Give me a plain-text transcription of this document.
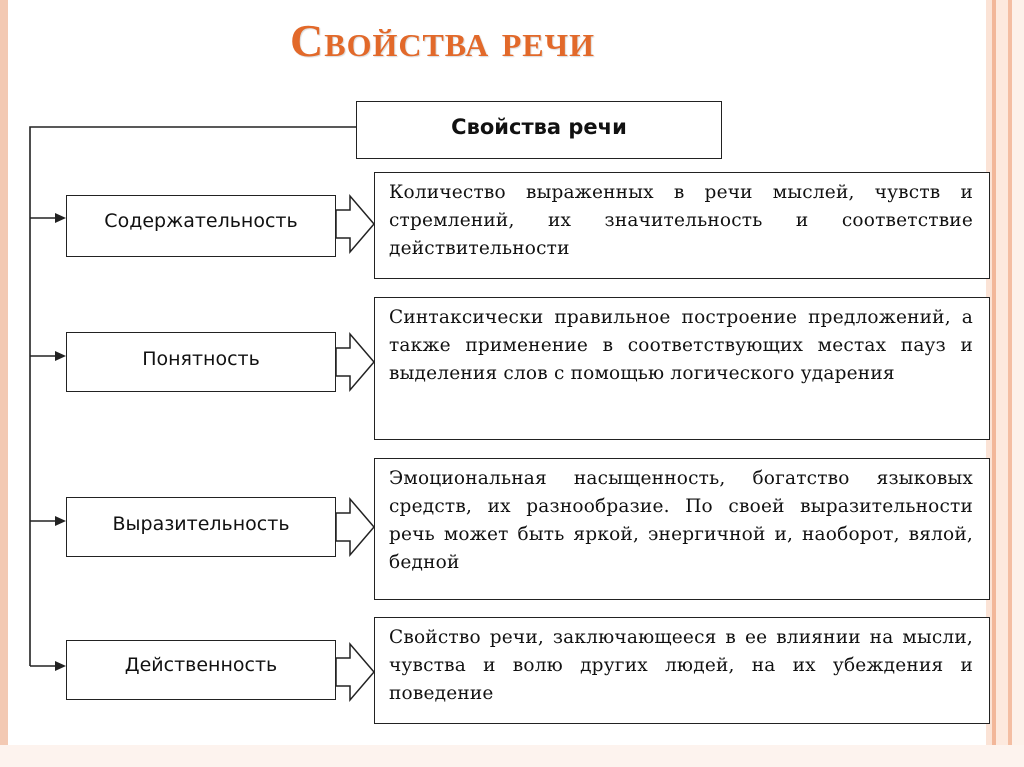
Свойства речи
Свойства речи
Содержательность
Количество выраженных в речи мыслей, чувств и стремлений, их значительность и соответствие действительности
Понятность
Синтаксически правильное построение предложений, а также применение в соответствующих местах пауз и выделения слов с помощью логического ударения
Выразительность
Эмоциональная насыщенность, богатство языковых средств, их разнообразие. По своей выразительности речь может быть яркой, энергичной и, наоборот, вялой, бедной
Действенность
Свойство речи, заключающееся в ее влиянии на мысли, чувства и волю других людей, на их убеждения и поведение
